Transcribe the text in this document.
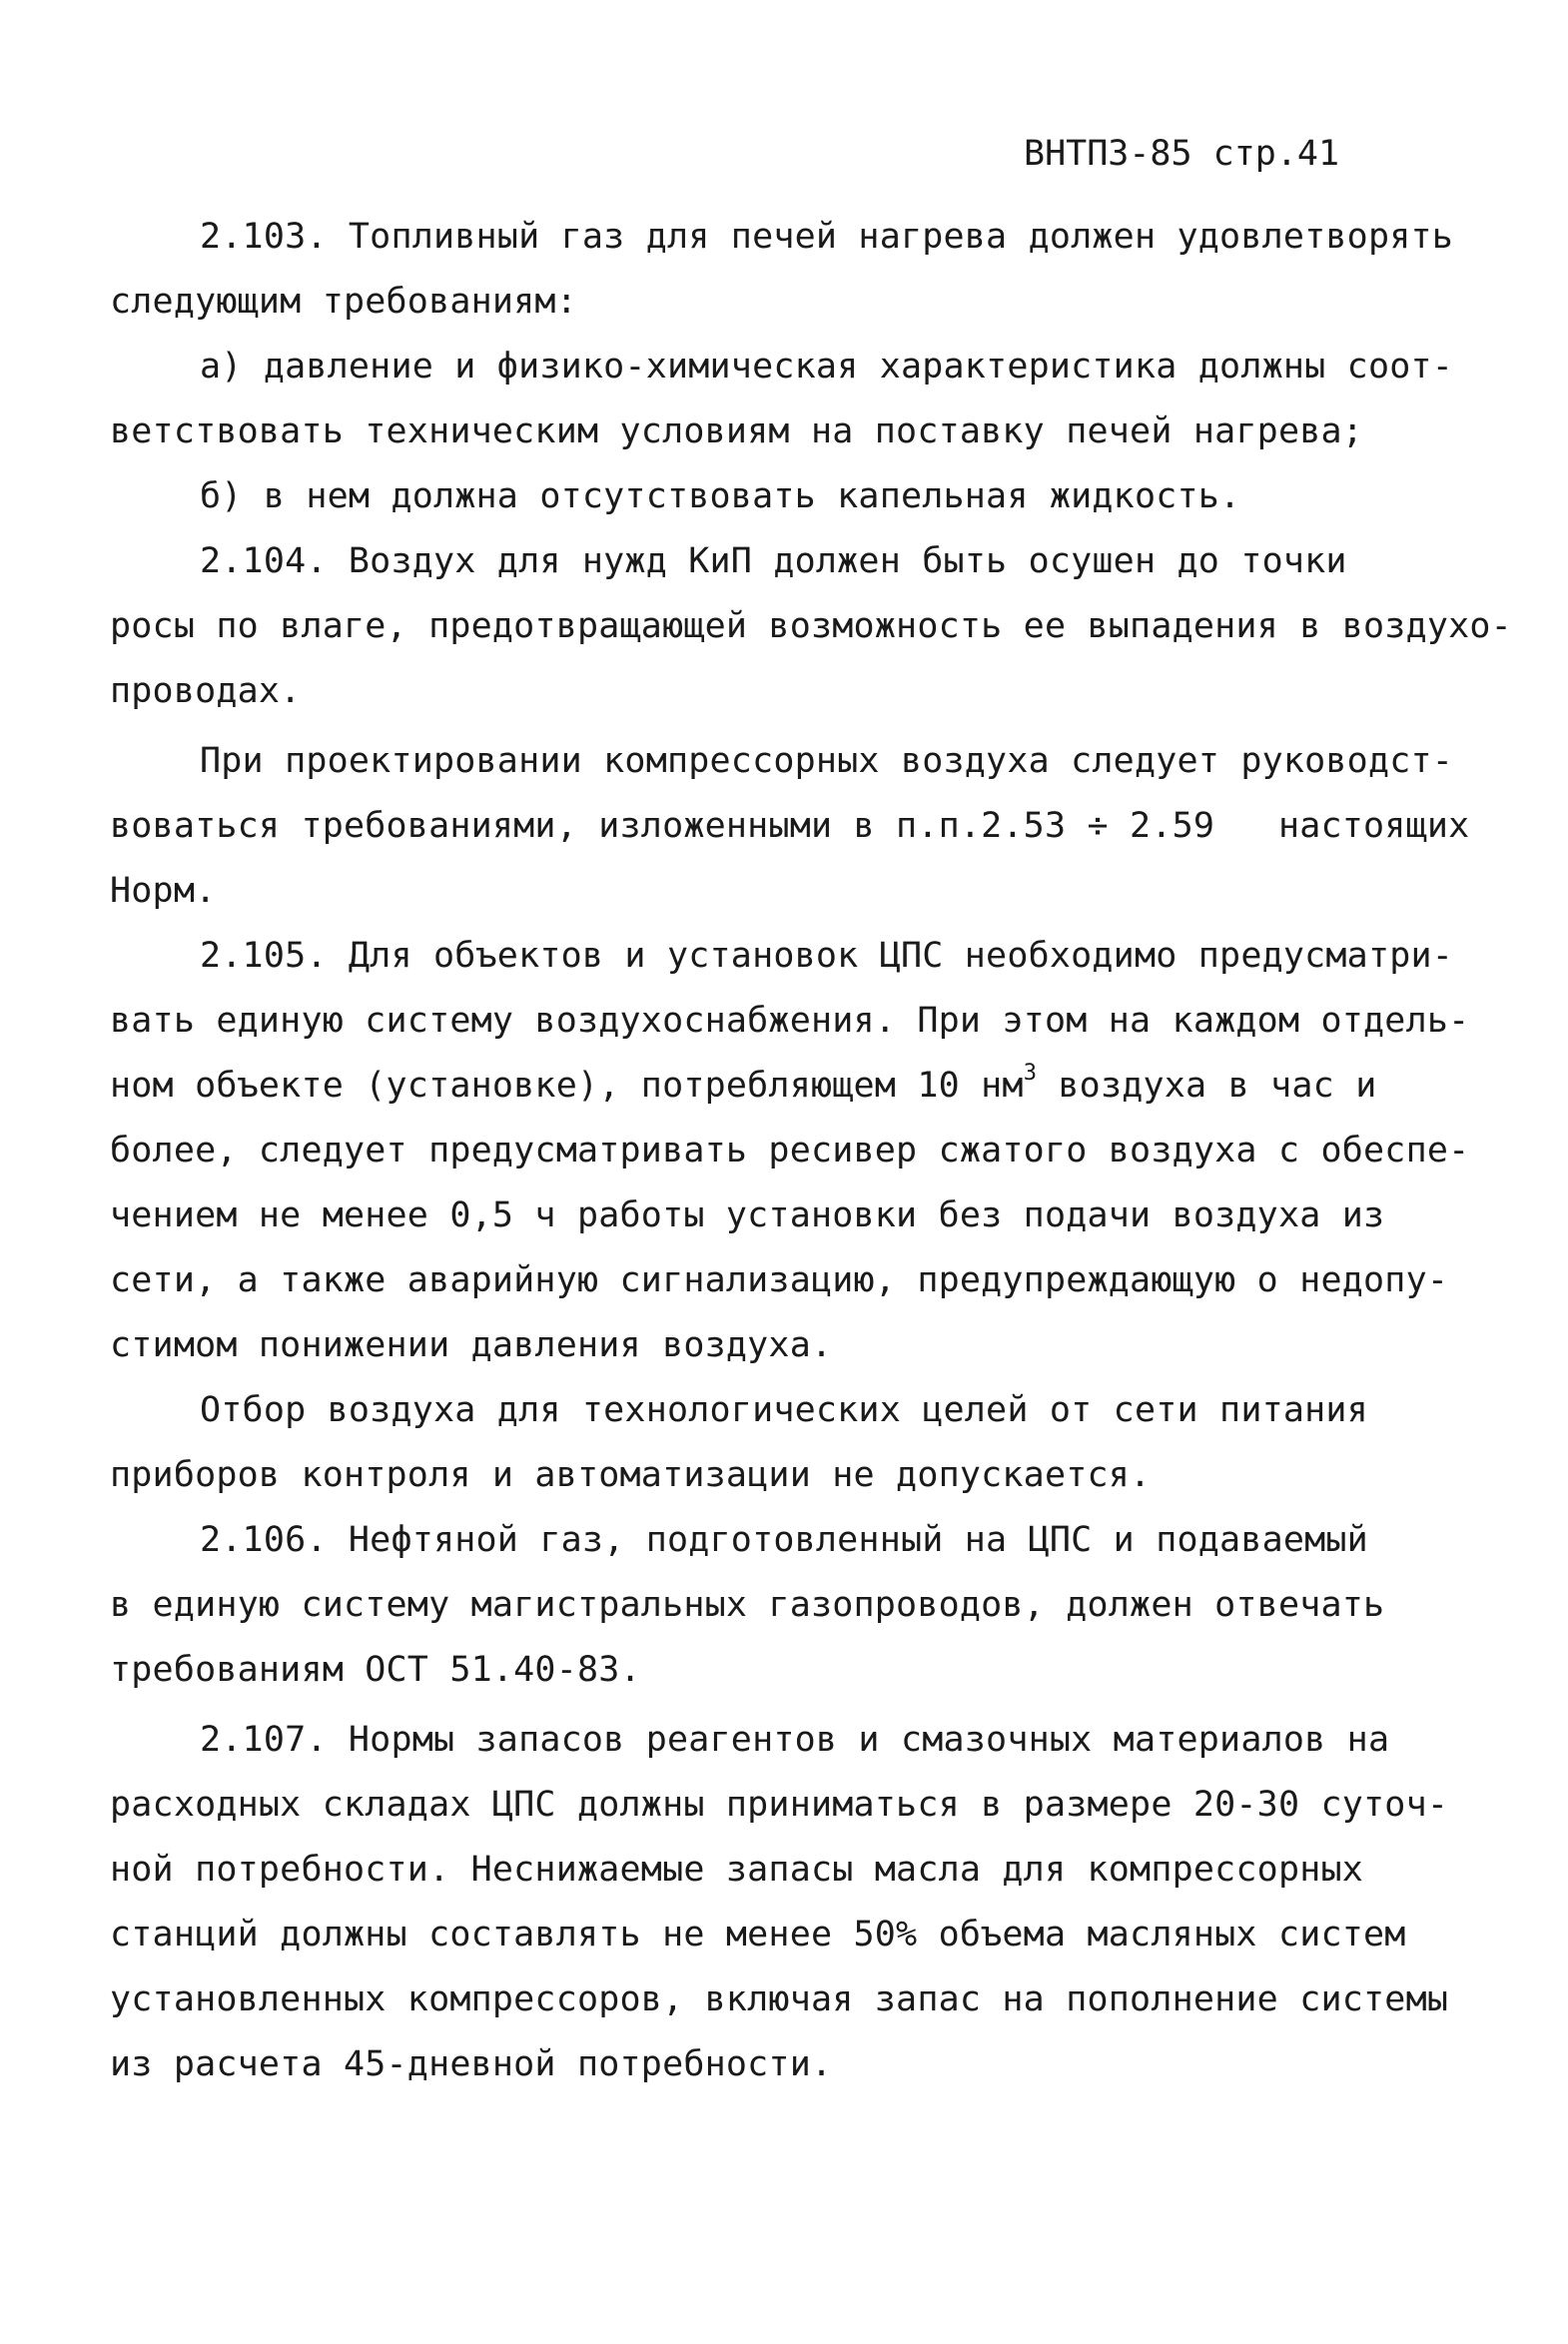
ВНТПЗ-85 стр.41
2.103. Топливный газ для печей нагрева должен удовлетворять
следующим требованиям:
а) давление и физико-химическая характеристика должны соот-
ветствовать техническим условиям на поставку печей нагрева;
б) в нем должна отсутствовать капельная жидкость.
2.104. Воздух для нужд КиП должен быть осушен до точки
росы по влаге, предотвращающей возможность ее выпадения в воздухо-
проводах.
При проектировании компрессорных воздуха следует руководст-
воваться требованиями, изложенными в п.п.2.53 ÷ 2.59   настоящих
Норм.
2.105. Для объектов и установок ЦПС необходимо предусматри-
вать единую систему воздухоснабжения. При этом на каждом отдель-
ном объекте (установке), потребляющем 10 $нм^3$ воздуха в час и
более, следует предусматривать ресивер сжатого воздуха с обеспе-
чением не менее 0,5 ч работы установки без подачи воздуха из
сети, а также аварийную сигнализацию, предупреждающую о недопу-
стимом понижении давления воздуха.
Отбор воздуха для технологических целей от сети питания
приборов контроля и автоматизации не допускается.
2.106. Нефтяной газ, подготовленный на ЦПС и подаваемый
в единую систему магистральных газопроводов, должен отвечать
требованиям ОСТ 51.40-83.
2.107. Нормы запасов реагентов и смазочных материалов на
расходных складах ЦПС должны приниматься в размере 20-30 суточ-
ной потребности. Неснижаемые запасы масла для компрессорных
станций должны составлять не менее 50% объема масляных систем
установленных компрессоров, включая запас на пополнение системы
из расчета 45-дневной потребности.
